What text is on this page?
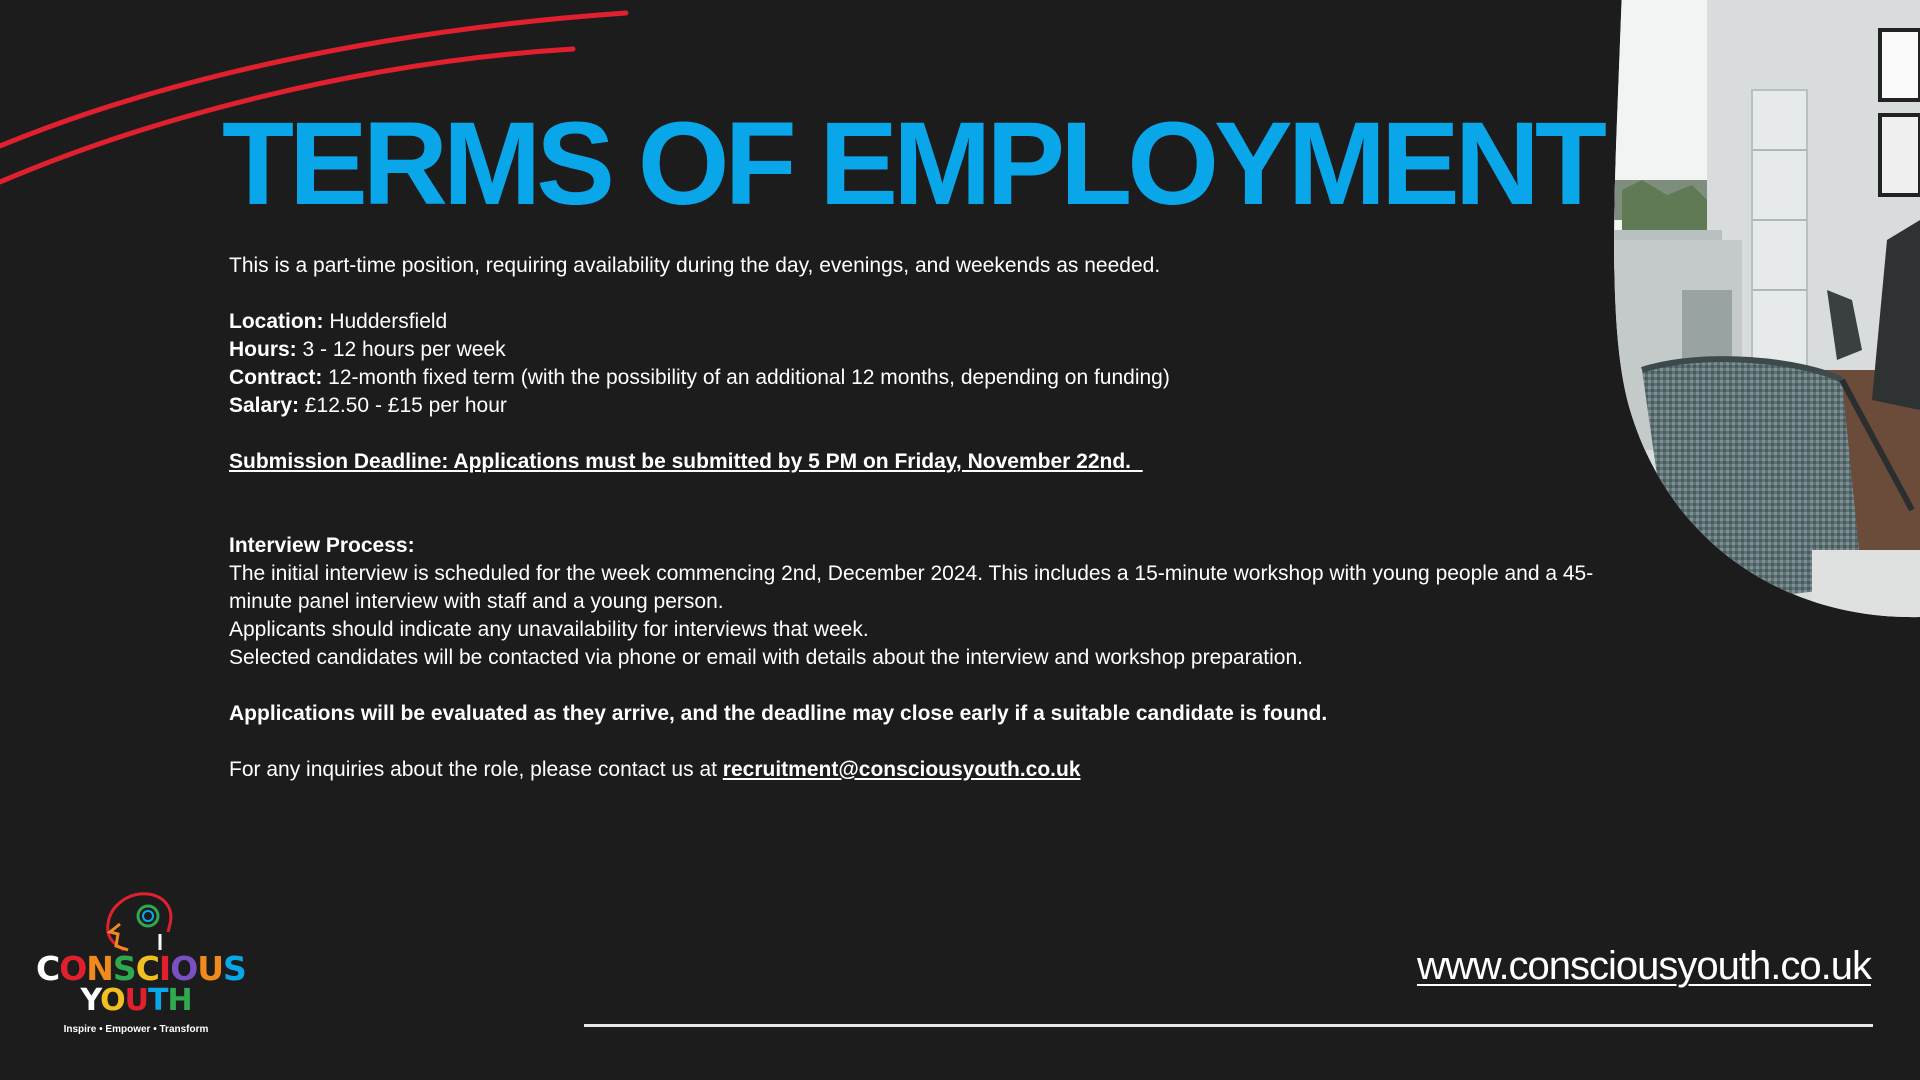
TERMS OF EMPLOYMENT

This is a part-time position, requiring availability during the day, evenings, and weekends as needed.

Location: Huddersfield

Hours: 3 - 12 hours per week

Contract: 12-month fixed term (with the possibility of an additional 12 months, depending on funding)

Salary: £12.50 - £15 per hour

Submission Deadline: Applications must be submitted by 5 PM on Friday, November 22nd.

Interview Process:

The initial interview is scheduled for the week commencing 2nd, December 2024. This includes a 15-minute workshop with young people and a 45-minute panel interview with staff and a young person.

Applicants should indicate any unavailability for interviews that week.

Selected candidates will be contacted via phone or email with details about the interview and workshop preparation.

Applications will be evaluated as they arrive, and the deadline may close early if a suitable candidate is found.

For any inquiries about the role, please contact us at recruitment@consciousyouth.co.uk

CONSCIOUS
YOUTH
Inspire • Empower • Transform
www.consciousyouth.co.uk
